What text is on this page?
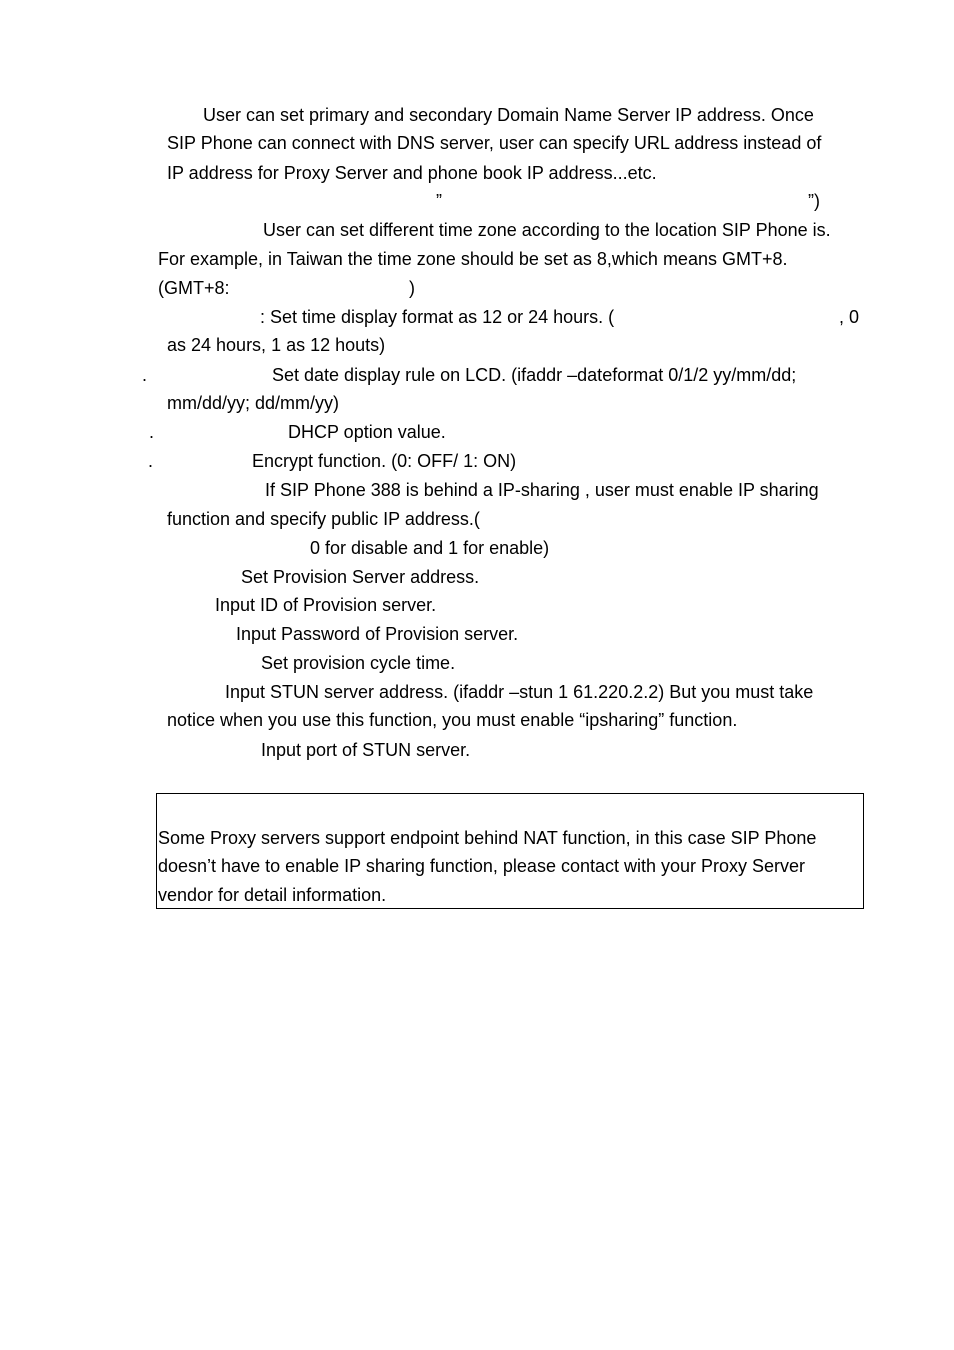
User can set primary and secondary Domain Name Server IP address. Once
SIP Phone can connect with DNS server, user can specify URL address instead of
IP address for Proxy Server and phone book IP address...etc.
”	”)
User can set different time zone according to the location SIP Phone is.
For example, in Taiwan the time zone should be set as 8,which means GMT+8.
(GMT+8:	)
: Set time display format as 12 or 24 hours. (	, 0
as 24 hours, 1 as 12 houts)
.	Set date display rule on LCD. (ifaddr –dateformat 0/1/2 yy/mm/dd;
mm/dd/yy; dd/mm/yy)
.	DHCP option value.
.	Encrypt function. (0: OFF/ 1: ON)
If SIP Phone 388 is behind a IP-sharing , user must enable IP sharing
function and specify public IP address.(
0 for disable and 1 for enable)
Set Provision Server address.
Input ID of Provision server.
Input Password of Provision server.
Set provision cycle time.
Input STUN server address. (ifaddr –stun 1 61.220.2.2) But you must take
notice when you use this function, you must enable “ipsharing” function.
Input port of STUN server.
Some Proxy servers support endpoint behind NAT function, in this case SIP Phone
doesn’t have to enable IP sharing function, please contact with your Proxy Server
vendor for detail information.
